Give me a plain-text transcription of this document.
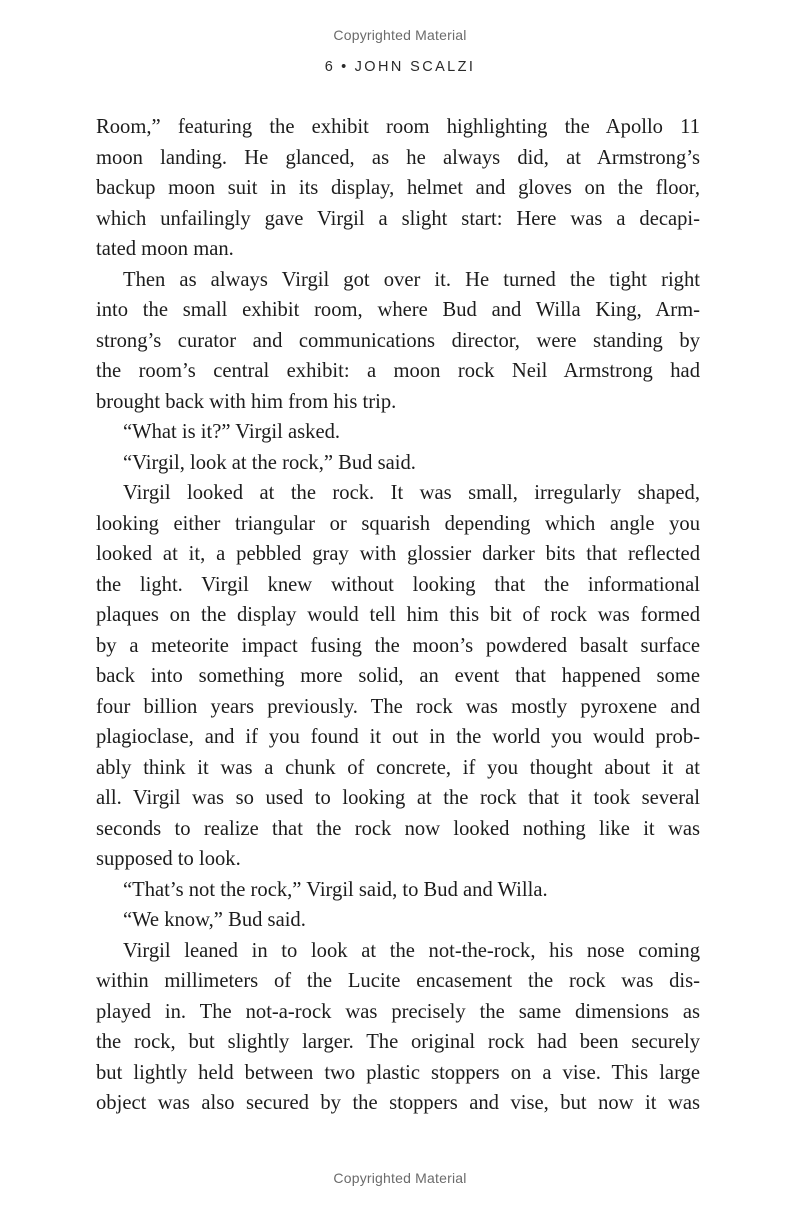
Copyrighted Material
6 • JOHN SCALZI
Room,” featuring the exhibit room highlighting the Apollo 11
moon landing. He glanced, as he always did, at Armstrong’s
backup moon suit in its display, helmet and gloves on the floor,
which unfailingly gave Virgil a slight start: Here was a decapi-
tated moon man.
Then as always Virgil got over it. He turned the tight right
into the small exhibit room, where Bud and Willa King, Arm-
strong’s curator and communications director, were standing by
the room’s central exhibit: a moon rock Neil Armstrong had
brought back with him from his trip.
“What is it?” Virgil asked.
“Virgil, look at the rock,” Bud said.
Virgil looked at the rock. It was small, irregularly shaped,
looking either triangular or squarish depending which angle you
looked at it, a pebbled gray with glossier darker bits that reflected
the light. Virgil knew without looking that the informational
plaques on the display would tell him this bit of rock was formed
by a meteorite impact fusing the moon’s powdered basalt surface
back into something more solid, an event that happened some
four billion years previously. The rock was mostly pyroxene and
plagioclase, and if you found it out in the world you would prob-
ably think it was a chunk of concrete, if you thought about it at
all. Virgil was so used to looking at the rock that it took several
seconds to realize that the rock now looked nothing like it was
supposed to look.
“That’s not the rock,” Virgil said, to Bud and Willa.
“We know,” Bud said.
Virgil leaned in to look at the not-the-rock, his nose coming
within millimeters of the Lucite encasement the rock was dis-
played in. The not-a-rock was precisely the same dimensions as
the rock, but slightly larger. The original rock had been securely
but lightly held between two plastic stoppers on a vise. This large
object was also secured by the stoppers and vise, but now it was
Copyrighted Material
